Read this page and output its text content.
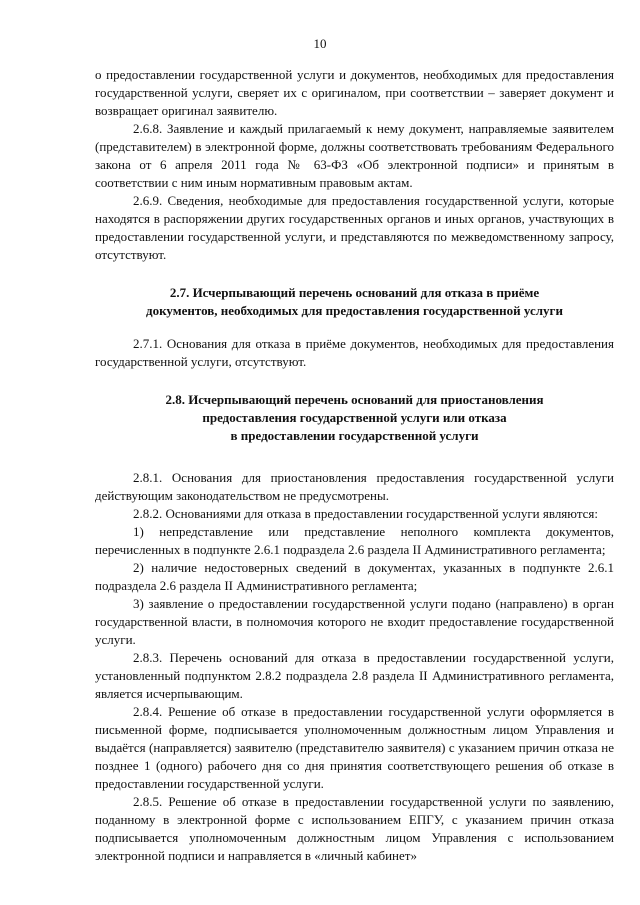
10

о предоставлении государственной услуги и документов, необходимых для предоставления государственной услуги, сверяет их с оригиналом, при соответствии – заверяет документ и возвращает оригинал заявителю.

2.6.8. Заявление и каждый прилагаемый к нему документ, направляемые заявителем (представителем) в электронной форме, должны соответствовать требованиям Федерального закона от 6 апреля 2011 года № 63-ФЗ «Об электронной подписи» и принятым в соответствии с ним иным нормативным правовым актам.

2.6.9. Сведения, необходимые для предоставления государственной услуги, которые находятся в распоряжении других государственных органов и иных органов, участвующих в предоставлении государственной услуги, и представляются по межведомственному запросу, отсутствуют.

2.7. Исчерпывающий перечень оснований для отказа в приёме

документов, необходимых для предоставления государственной услуги

2.7.1. Основания для отказа в приёме документов, необходимых для предоставления государственной услуги, отсутствуют.

2.8. Исчерпывающий перечень оснований для приостановления

предоставления государственной услуги или отказа

в предоставлении государственной услуги

2.8.1. Основания для приостановления предоставления государственной услуги действующим законодательством не предусмотрены.

2.8.2. Основаниями для отказа в предоставлении государственной услуги являются:

1) непредставление или представление неполного комплекта документов, перечисленных в подпункте 2.6.1 подраздела 2.6 раздела II Административного регламента;

2) наличие недостоверных сведений в документах, указанных в подпункте 2.6.1 подраздела 2.6 раздела II Административного регламента;

3) заявление о предоставлении государственной услуги подано (направлено) в орган государственной власти, в полномочия которого не входит предоставление государственной услуги.

2.8.3. Перечень оснований для отказа в предоставлении государственной услуги, установленный подпунктом 2.8.2 подраздела 2.8 раздела II Административного регламента, является исчерпывающим.

2.8.4. Решение об отказе в предоставлении государственной услуги оформляется в письменной форме, подписывается уполномоченным должностным лицом Управления и выдаётся (направляется) заявителю (представителю заявителя) с указанием причин отказа не позднее 1 (одного) рабочего дня со дня принятия соответствующего решения об отказе в предоставлении государственной услуги.

2.8.5. Решение об отказе в предоставлении государственной услуги по заявлению, поданному в электронной форме с использованием ЕПГУ, с указанием причин отказа подписывается уполномоченным должностным лицом Управления с использованием электронной подписи и направляется в «личный кабинет»
